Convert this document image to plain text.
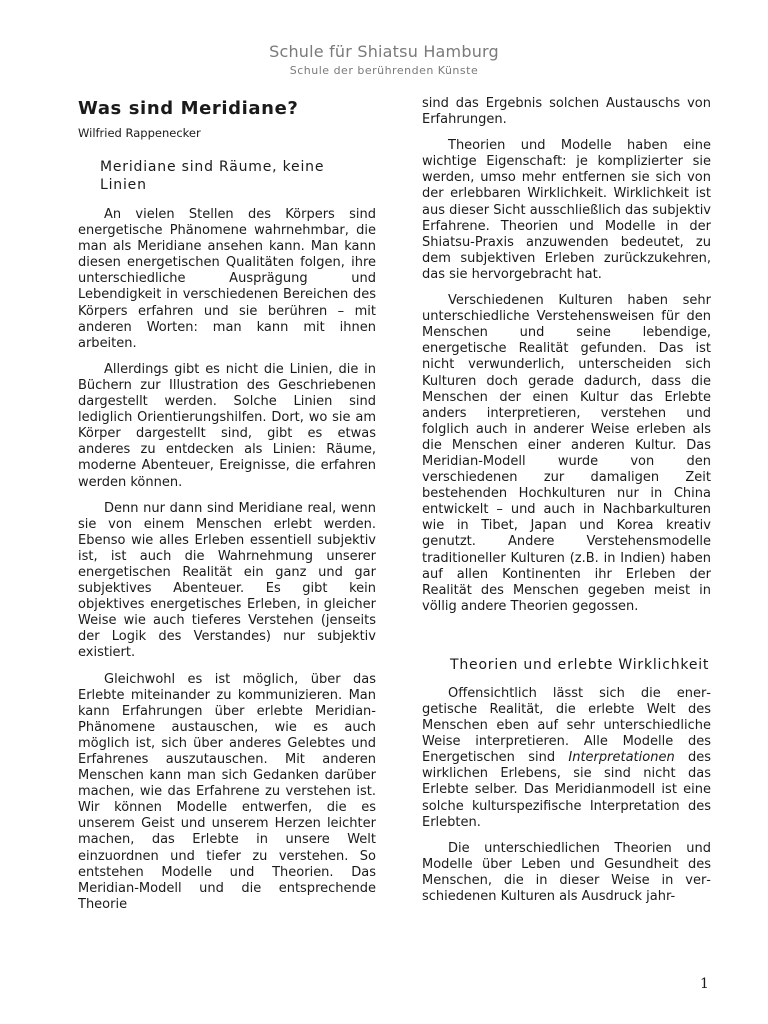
Schule für Shiatsu Hamburg
Schule der berührenden Künste
Was sind Meridiane?
Wilfried Rappenecker
Meridiane sind Räume, keine Linien

An vielen Stellen des Körpers sind energetische Phänomene wahrnehmbar, die man als Meridiane ansehen kann. Man kann diesen energetischen Qualitäten folgen, ihre unterschiedliche Ausprägung und Lebendigkeit in verschiedenen Bereichen des Körpers erfahren und sie berühren – mit anderen Worten: man kann mit ihnen arbeiten.

Allerdings gibt es nicht die Linien, die in Büchern zur Illustration des Geschriebenen dargestellt werden. Solche Linien sind lediglich Orientierungshilfen. Dort, wo sie am Körper dargestellt sind, gibt es etwas anderes zu entdecken als Linien: Räume, moderne Abenteuer, Ereignisse, die erfahren werden können.

Denn nur dann sind Meridiane real, wenn sie von einem Menschen erlebt werden. Ebenso wie alles Erleben essentiell subjektiv ist, ist auch die Wahrnehmung unserer energetischen Realität ein ganz und gar subjektives Abenteuer. Es gibt kein objektives energetisches Erleben, in gleicher Weise wie auch tieferes Verstehen (jenseits der Logik des Verstandes) nur subjektiv existiert.

Gleichwohl es ist möglich, über das Erlebte miteinander zu kommunizieren. Man kann Erfahrungen über erlebte Meridian-Phänomene austauschen, wie es auch möglich ist, sich über anderes Gelebtes und Erfahrenes auszutauschen. Mit anderen Menschen kann man sich Gedanken darüber machen, wie das Erfahrene zu verstehen ist. Wir können Modelle entwerfen, die es unserem Geist und unserem Herzen leichter machen, das Erlebte in unsere Welt einzuordnen und tiefer zu verstehen. So entstehen Modelle und Theorien. Das Meridian-Modell und die entsprechende Theorie

sind das Ergebnis solchen Austauschs von Erfahrungen.

Theorien und Modelle haben eine wichtige Eigenschaft: je komplizierter sie werden, umso mehr entfernen sie sich von der erlebbaren Wirklichkeit. Wirklichkeit ist aus dieser Sicht ausschließlich das subjektiv Erfahrene. Theorien und Modelle in der Shiatsu-Praxis anzuwenden bedeutet, zu dem subjektiven Erleben zurückzukehren, das sie hervorgebracht hat.

Verschiedenen Kulturen haben sehr unterschiedliche Verstehensweisen für den Menschen und seine lebendige, energetische Realität gefunden. Das ist nicht verwunderlich, unterscheiden sich Kulturen doch gerade dadurch, dass die Menschen der einen Kultur das Erlebte anders interpretieren, verstehen und folglich auch in anderer Weise erleben als die Menschen einer anderen Kultur. Das Meridian-Modell wurde von den verschiedenen zur damaligen Zeit bestehenden Hochkulturen nur in China entwickelt – und auch in Nachbarkulturen wie in Tibet, Japan und Korea kreativ genutzt. Andere Verstehensmodelle traditioneller Kulturen (z.B. in Indien) haben auf allen Kontinenten ihr Erleben der Realität des Menschen gegeben meist in völlig andere Theorien gegossen.

Theorien und erlebte Wirklichkeit

Offensichtlich lässt sich die energetische Realität, die erlebte Welt des Menschen eben auf sehr unterschiedliche Weise interpretieren. Alle Modelle des Energetischen sind Interpretationen des wirklichen Erlebens, sie sind nicht das Erlebte selber. Das Meridianmodell ist eine solche kulturspezifische Interpretation des Erlebten.

Die unterschiedlichen Theorien und Modelle über Leben und Gesundheit des Menschen, die in dieser Weise in verschiedenen Kulturen als Ausdruck jahr-

1
